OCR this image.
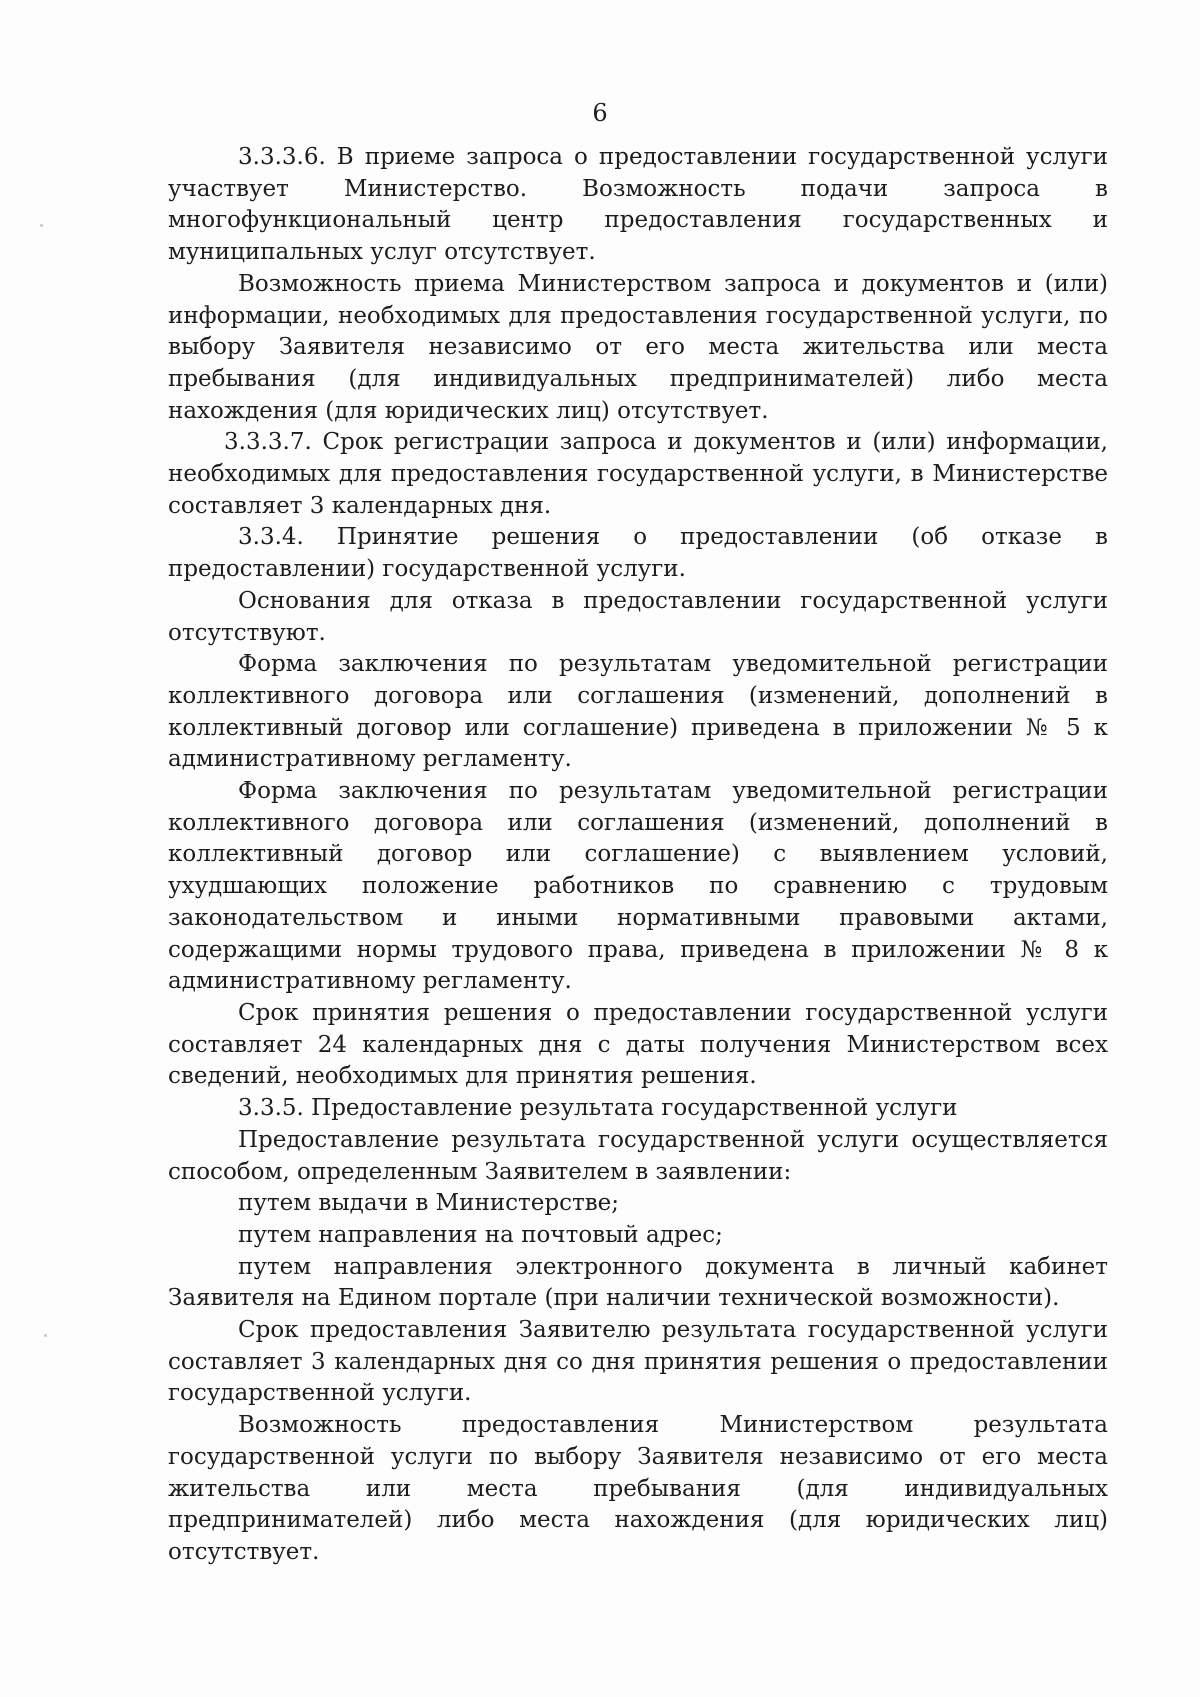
6

3.3.3.6. В приеме запроса о предоставлении государственной услуги участвует Министерство. Возможность подачи запроса в многофункциональный центр предоставления государственных и муниципальных услуг отсутствует.

Возможность приема Министерством запроса и документов и (или) информации, необходимых для предоставления государственной услуги, по выбору Заявителя независимо от его места жительства или места пребывания (для индивидуальных предпринимателей) либо места нахождения (для юридических лиц) отсутствует.

3.3.3.7. Срок регистрации запроса и документов и (или) информации, необходимых для предоставления государственной услуги, в Министерстве составляет 3 календарных дня.

3.3.4. Принятие решения о предоставлении (об отказе в предоставлении) государственной услуги.

Основания для отказа в предоставлении государственной услуги отсутствуют.

Форма заключения по результатам уведомительной регистрации коллективного договора или соглашения (изменений, дополнений в коллективный договор или соглашение) приведена в приложении № 5 к административному регламенту.

Форма заключения по результатам уведомительной регистрации коллективного договора или соглашения (изменений, дополнений в коллективный договор или соглашение) с выявлением условий, ухудшающих положение работников по сравнению с трудовым законодательством и иными нормативными правовыми актами, содержащими нормы трудового права, приведена в приложении № 8 к административному регламенту.

Срок принятия решения о предоставлении государственной услуги составляет 24 календарных дня с даты получения Министерством всех сведений, необходимых для принятия решения.

3.3.5. Предоставление результата государственной услуги

Предоставление результата государственной услуги осуществляется способом, определенным Заявителем в заявлении:

путем выдачи в Министерстве;

путем направления на почтовый адрес;

путем направления электронного документа в личный кабинет Заявителя на Едином портале (при наличии технической возможности).

Срок предоставления Заявителю результата государственной услуги составляет 3 календарных дня со дня принятия решения о предоставлении государственной услуги.

Возможность предоставления Министерством результата государственной услуги по выбору Заявителя независимо от его места жительства или места пребывания (для индивидуальных предпринимателей) либо места нахождения (для юридических лиц) отсутствует.
